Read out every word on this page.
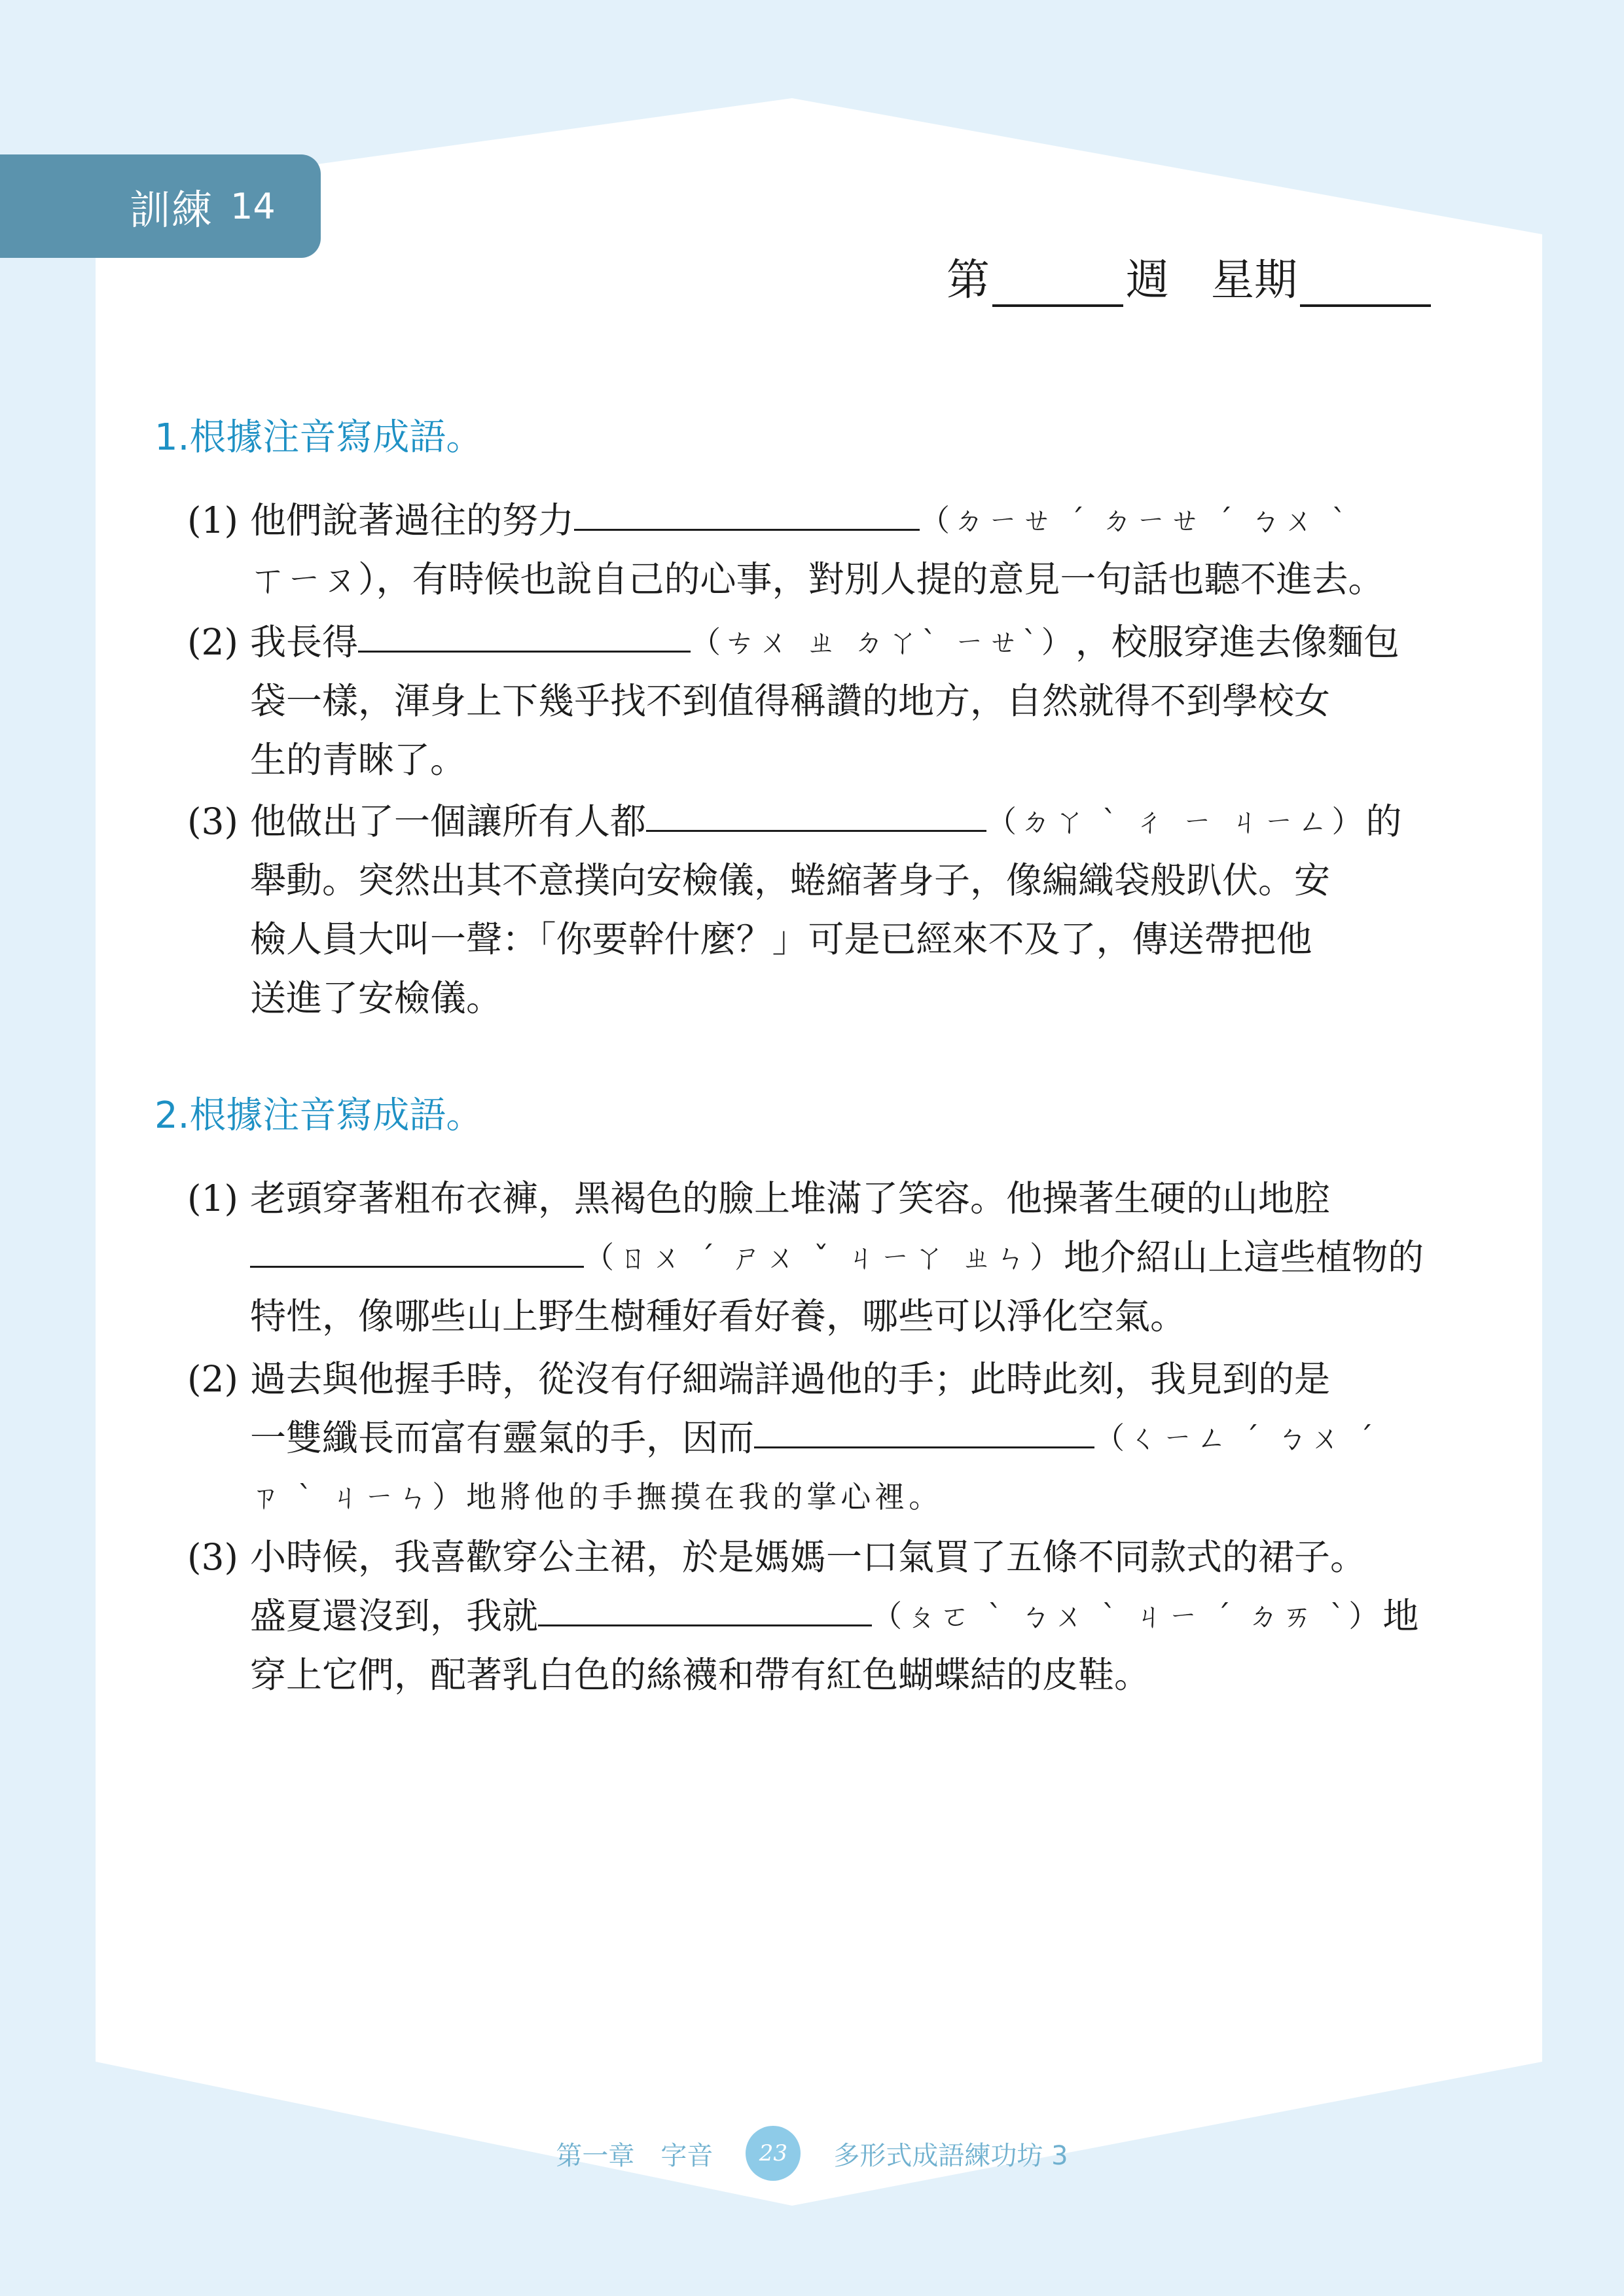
訓練 14
第	週 星期
1.根據注音寫成語。
(1) 他們說著過往的努力	（ㄉㄧㄝ ˊ ㄉㄧㄝ ˊ ㄅㄨ ˋ
ㄒㄧㄡ），有時候也說自己的心事，對別人提的意見一句話也聽不進去。
(2) 我長得	（ㄘㄨ ㄓ ㄉㄚˋ ㄧㄝˋ） ，校服穿進去像麵包
袋一樣，渾身上下幾乎找不到值得稱讚的地方，自然就得不到學校女
生的青睞了。
(3) 他做出了一個讓所有人都	（ㄉㄚ ˋ ㄔ ㄧ ㄐㄧㄥ） 的
舉動。突然出其不意撲向安檢儀，蜷縮著身子，像編織袋般趴伏。安
檢人員大叫一聲：「你要幹什麼？」可是已經來不及了，傳送帶把他
送進了安檢儀。
2.根據注音寫成語。
(1) 老頭穿著粗布衣褲，黑褐色的臉上堆滿了笑容。他操著生硬的山地腔
（ㄖㄨ ˊ ㄕㄨ ˇ ㄐㄧㄚ ㄓㄣ） 地介紹山上這些植物的
特性，像哪些山上野生樹種好看好養，哪些可以淨化空氣。
(2) 過去與他握手時，從沒有仔細端詳過他的手；此時此刻，我見到的是
一雙纖長而富有靈氣的手，因而	（ㄑㄧㄥ ˊ ㄅㄨ ˊ
ㄗ ˋ ㄐㄧㄣ）地將他的手撫摸在我的掌心裡。
(3) 小時候，我喜歡穿公主裙，於是媽媽一口氣買了五條不同款式的裙子。
盛夏還沒到，我就	（ㄆㄛ ˋ ㄅㄨ ˋ ㄐㄧ ˊ ㄉㄞ ˋ） 地
穿上它們，配著乳白色的絲襪和帶有紅色蝴蝶結的皮鞋。
第一章 字音	23	多形式成語練功坊 3
